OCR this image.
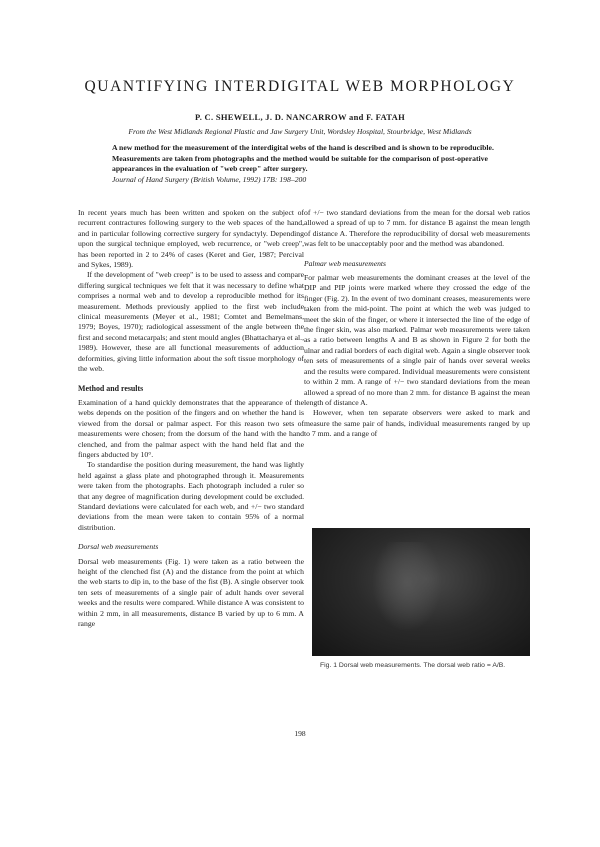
QUANTIFYING INTERDIGITAL WEB MORPHOLOGY
P. C. SHEWELL, J. D. NANCARROW and F. FATAH
From the West Midlands Regional Plastic and Jaw Surgery Unit, Wordsley Hospital, Stourbridge, West Midlands

A new method for the measurement of the interdigital webs of the hand is described and is shown to be reproducible. Measurements are taken from photographs and the method would be suitable for the comparison of post-operative appearances in the evaluation of "web creep" after surgery.

Journal of Hand Surgery (British Volume, 1992) 17B: 198–200

In recent years much has been written and spoken on the subject of recurrent contractures following surgery to the web spaces of the hand, and in particular following corrective surgery for syndactyly. Depending upon the surgical technique employed, web recurrence, or "web creep", has been reported in 2 to 24% of cases (Keret and Ger, 1987; Percival and Sykes, 1989).

If the development of "web creep" is to be used to assess and compare differing surgical techniques we felt that it was necessary to define what comprises a normal web and to develop a reproducible method for its measurement. Methods previously applied to the first web include clinical measurements (Meyer et al., 1981; Comtet and Bemelmans, 1979; Boyes, 1970); radiological assessment of the angle between the first and second metacarpals; and stent mould angles (Bhattacharya et al., 1989). However, these are all functional measurements of adduction deformities, giving little information about the soft tissue morphology of the web.

Method and results

Examination of a hand quickly demonstrates that the appearance of the webs depends on the position of the fingers and on whether the hand is viewed from the dorsal or palmar aspect. For this reason two sets of measurements were chosen; from the dorsum of the hand with the hand clenched, and from the palmar aspect with the hand held flat and the fingers abducted by 10°.

To standardise the position during measurement, the hand was lightly held against a glass plate and photographed through it. Measurements were taken from the photographs. Each photograph included a ruler so that any degree of magnification during development could be excluded. Standard deviations were calculated for each web, and +/− two standard deviations from the mean were taken to contain 95% of a normal distribution.

Dorsal web measurements

Dorsal web measurements (Fig. 1) were taken as a ratio between the height of the clenched fist (A) and the distance from the point at which the web starts to dip in, to the base of the fist (B). A single observer took ten sets of measurements of a single pair of adult hands over several weeks and the results were compared. While distance A was consistent to within 2 mm, in all measurements, distance B varied by up to 6 mm. A range

of +/− two standard deviations from the mean for the dorsal web ratios allowed a spread of up to 7 mm. for distance B against the mean length of distance A. Therefore the reproducibility of dorsal web measurements was felt to be unacceptably poor and the method was abandoned.

Palmar web measurements

For palmar web measurements the dominant creases at the level of the DIP and PIP joints were marked where they crossed the edge of the finger (Fig. 2). In the event of two dominant creases, measurements were taken from the mid-point. The point at which the web was judged to meet the skin of the finger, or where it intersected the line of the edge of the finger skin, was also marked. Palmar web measurements were taken as a ratio between lengths A and B as shown in Figure 2 for both the ulnar and radial borders of each digital web. Again a single observer took ten sets of measurements of a single pair of hands over several weeks and the results were compared. Individual measurements were consistent to within 2 mm. A range of +/− two standard deviations from the mean allowed a spread of no more than 2 mm. for distance B against the mean length of distance A.

However, when ten separate observers were asked to mark and measure the same pair of hands, individual measurements ranged by up to 7 mm. and a range of

Fig. 1 Dorsal web measurements. The dorsal web ratio = A/B.
198
